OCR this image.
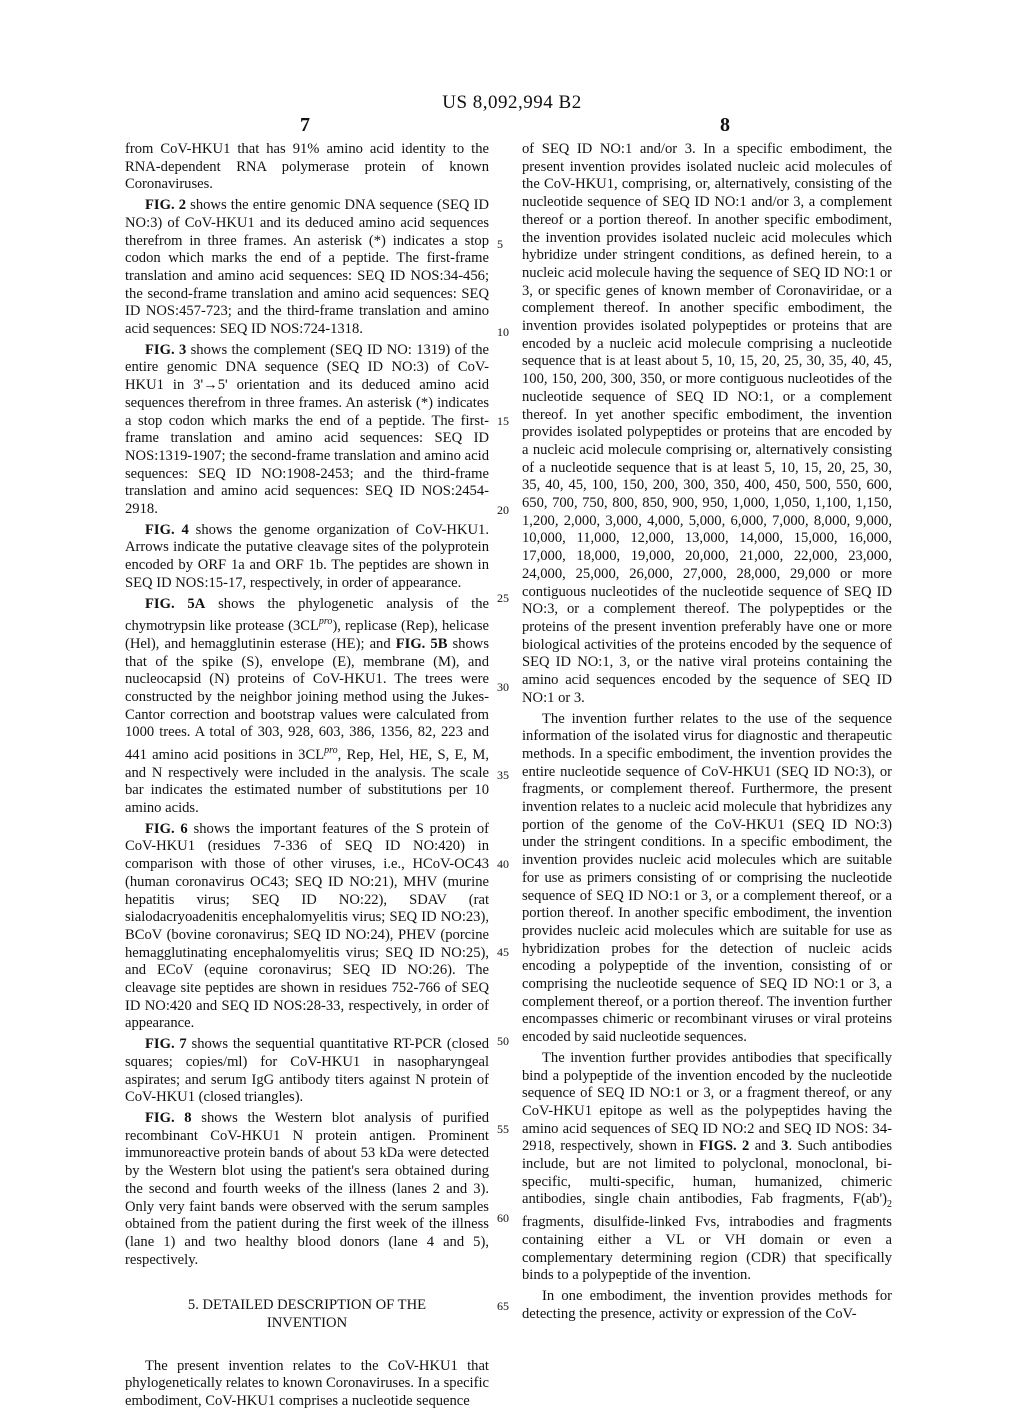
US 8,092,994 B2
7	8
5
10
15
20
25
30
35
40
45
50
55
60
65

from CoV-HKU1 that has 91% amino acid identity to the RNA-dependent RNA polymerase protein of known Coronaviruses.

FIG. 2 shows the entire genomic DNA sequence (SEQ ID NO:3) of CoV-HKU1 and its deduced amino acid sequences therefrom in three frames. An asterisk (*) indicates a stop codon which marks the end of a peptide. The first-frame translation and amino acid sequences: SEQ ID NOS:34-456; the second-frame translation and amino acid sequences: SEQ ID NOS:457-723; and the third-frame translation and amino acid sequences: SEQ ID NOS:724-1318.

FIG. 3 shows the complement (SEQ ID NO: 1319) of the entire genomic DNA sequence (SEQ ID NO:3) of CoV-HKU1 in 3'→5' orientation and its deduced amino acid sequences therefrom in three frames. An asterisk (*) indicates a stop codon which marks the end of a peptide. The first-frame translation and amino acid sequences: SEQ ID NOS:1319-1907; the second-frame translation and amino acid sequences: SEQ ID NO:1908-2453; and the third-frame translation and amino acid sequences: SEQ ID NOS:2454-2918.

FIG. 4 shows the genome organization of CoV-HKU1. Arrows indicate the putative cleavage sites of the polyprotein encoded by ORF 1a and ORF 1b. The peptides are shown in SEQ ID NOS:15-17, respectively, in order of appearance.

FIG. 5A shows the phylogenetic analysis of the chymotrypsin like protease $(3CL^{pro})$, replicase (Rep), helicase (Hel), and hemagglutinin esterase (HE); and FIG. 5B shows that of the spike (S), envelope (E), membrane (M), and nucleocapsid (N) proteins of CoV-HKU1. The trees were constructed by the neighbor joining method using the Jukes-Cantor correction and bootstrap values were calculated from 1000 trees. A total of 303, 928, 603, 386, 1356, 82, 223 and 441 amino acid positions in $3CL^{pro}$, Rep, Hel, HE, S, E, M, and N respectively were included in the analysis. The scale bar indicates the estimated number of substitutions per 10 amino acids.

FIG. 6 shows the important features of the S protein of CoV-HKU1 (residues 7-336 of SEQ ID NO:420) in comparison with those of other viruses, i.e., HCoV-OC43 (human coronavirus OC43; SEQ ID NO:21), MHV (murine hepatitis virus; SEQ ID NO:22), SDAV (rat sialodacryoadenitis encephalomyelitis virus; SEQ ID NO:23), BCoV (bovine coronavirus; SEQ ID NO:24), PHEV (porcine hemagglutinating encephalomyelitis virus; SEQ ID NO:25), and ECoV (equine coronavirus; SEQ ID NO:26). The cleavage site peptides are shown in residues 752-766 of SEQ ID NO:420 and SEQ ID NOS:28-33, respectively, in order of appearance.

FIG. 7 shows the sequential quantitative RT-PCR (closed squares; copies/ml) for CoV-HKU1 in nasopharyngeal aspirates; and serum IgG antibody titers against N protein of CoV-HKU1 (closed triangles).

FIG. 8 shows the Western blot analysis of purified recombinant CoV-HKU1 N protein antigen. Prominent immunoreactive protein bands of about 53 kDa were detected by the Western blot using the patient's sera obtained during the second and fourth weeks of the illness (lanes 2 and 3). Only very faint bands were observed with the serum samples obtained from the patient during the first week of the illness (lane 1) and two healthy blood donors (lane 4 and 5), respectively.

5. DETAILED DESCRIPTION OF THE
INVENTION

The present invention relates to the CoV-HKU1 that phylogenetically relates to known Coronaviruses. In a specific embodiment, CoV-HKU1 comprises a nucleotide sequence

of SEQ ID NO:1 and/or 3. In a specific embodiment, the present invention provides isolated nucleic acid molecules of the CoV-HKU1, comprising, or, alternatively, consisting of the nucleotide sequence of SEQ ID NO:1 and/or 3, a complement thereof or a portion thereof. In another specific embodiment, the invention provides isolated nucleic acid molecules which hybridize under stringent conditions, as defined herein, to a nucleic acid molecule having the sequence of SEQ ID NO:1 or 3, or specific genes of known member of Coronaviridae, or a complement thereof. In another specific embodiment, the invention provides isolated polypeptides or proteins that are encoded by a nucleic acid molecule comprising a nucleotide sequence that is at least about 5, 10, 15, 20, 25, 30, 35, 40, 45, 100, 150, 200, 300, 350, or more contiguous nucleotides of the nucleotide sequence of SEQ ID NO:1, or a complement thereof. In yet another specific embodiment, the invention provides isolated polypeptides or proteins that are encoded by a nucleic acid molecule comprising or, alternatively consisting of a nucleotide sequence that is at least 5, 10, 15, 20, 25, 30, 35, 40, 45, 100, 150, 200, 300, 350, 400, 450, 500, 550, 600, 650, 700, 750, 800, 850, 900, 950, 1,000, 1,050, 1,100, 1,150, 1,200, 2,000, 3,000, 4,000, 5,000, 6,000, 7,000, 8,000, 9,000, 10,000, 11,000, 12,000, 13,000, 14,000, 15,000, 16,000, 17,000, 18,000, 19,000, 20,000, 21,000, 22,000, 23,000, 24,000, 25,000, 26,000, 27,000, 28,000, 29,000 or more contiguous nucleotides of the nucleotide sequence of SEQ ID NO:3, or a complement thereof. The polypeptides or the proteins of the present invention preferably have one or more biological activities of the proteins encoded by the sequence of SEQ ID NO:1, 3, or the native viral proteins containing the amino acid sequences encoded by the sequence of SEQ ID NO:1 or 3.

The invention further relates to the use of the sequence information of the isolated virus for diagnostic and therapeutic methods. In a specific embodiment, the invention provides the entire nucleotide sequence of CoV-HKU1 (SEQ ID NO:3), or fragments, or complement thereof. Furthermore, the present invention relates to a nucleic acid molecule that hybridizes any portion of the genome of the CoV-HKU1 (SEQ ID NO:3) under the stringent conditions. In a specific embodiment, the invention provides nucleic acid molecules which are suitable for use as primers consisting of or comprising the nucleotide sequence of SEQ ID NO:1 or 3, or a complement thereof, or a portion thereof. In another specific embodiment, the invention provides nucleic acid molecules which are suitable for use as hybridization probes for the detection of nucleic acids encoding a polypeptide of the invention, consisting of or comprising the nucleotide sequence of SEQ ID NO:1 or 3, a complement thereof, or a portion thereof. The invention further encompasses chimeric or recombinant viruses or viral proteins encoded by said nucleotide sequences.

The invention further provides antibodies that specifically bind a polypeptide of the invention encoded by the nucleotide sequence of SEQ ID NO:1 or 3, or a fragment thereof, or any CoV-HKU1 epitope as well as the polypeptides having the amino acid sequences of SEQ ID NO:2 and SEQ ID NOS: 34-2918, respectively, shown in FIGS. 2 and 3. Such antibodies include, but are not limited to polyclonal, monoclonal, bi-specific, multi-specific, human, humanized, chimeric antibodies, single chain antibodies, Fab fragments, $F(ab')_2$ fragments, disulfide-linked Fvs, intrabodies and fragments containing either a VL or VH domain or even a complementary determining region (CDR) that specifically binds to a polypeptide of the invention.

In one embodiment, the invention provides methods for detecting the presence, activity or expression of the CoV-
